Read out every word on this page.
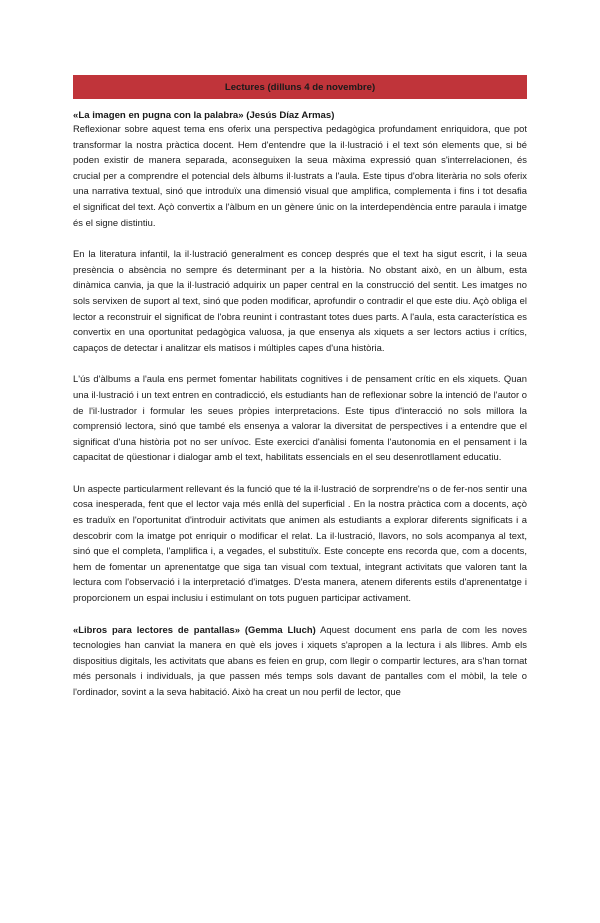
Lectures (dilluns 4 de novembre)
«La imagen en pugna con la palabra» (Jesús Díaz Armas)

Reflexionar sobre aquest tema ens oferix una perspectiva pedagògica profundament enriquidora, que pot transformar la nostra pràctica docent. Hem d'entendre que la il·lustració i el text són elements que, si bé poden existir de manera separada, aconseguixen la seua màxima expressió quan s'interrelacionen, és crucial per a comprendre el potencial dels àlbums il·lustrats a l'aula. Este tipus d'obra literària no sols oferix una narrativa textual, sinó que introduïx una dimensió visual que amplifica, complementa i fins i tot desafia el significat del text. Açò convertix a l'àlbum en un gènere únic on la interdependència entre paraula i imatge és el signe distintiu.

En la literatura infantil, la il·lustració generalment es concep després que el text ha sigut escrit, i la seua presència o absència no sempre és determinant per a la història. No obstant això, en un àlbum, esta dinàmica canvia, ja que la il·lustració adquirix un paper central en la construcció del sentit. Les imatges no sols servixen de suport al text, sinó que poden modificar, aprofundir o contradir el que este diu. Açò obliga el lector a reconstruir el significat de l'obra reunint i contrastant totes dues parts. A l'aula, esta característica es convertix en una oportunitat pedagògica valuosa, ja que ensenya als xiquets a ser lectors actius i crítics, capaços de detectar i analitzar els matisos i múltiples capes d'una història.

L'ús d'àlbums a l'aula ens permet fomentar habilitats cognitives i de pensament crític en els xiquets. Quan una il·lustració i un text entren en contradicció, els estudiants han de reflexionar sobre la intenció de l'autor o de l'il·lustrador i formular les seues pròpies interpretacions. Este tipus d'interacció no sols millora la comprensió lectora, sinó que també els ensenya a valorar la diversitat de perspectives i a entendre que el significat d'una història pot no ser unívoc. Este exercici d'anàlisi fomenta l'autonomia en el pensament i la capacitat de qüestionar i dialogar amb el text, habilitats essencials en el seu desenrotllament educatiu.

Un aspecte particularment rellevant és la funció que té la il·lustració de sorprendre'ns o de fer-nos sentir una cosa inesperada, fent que el lector vaja més enllà del superficial . En la nostra pràctica com a docents, açò es traduïx en l'oportunitat d'introduir activitats que animen als estudiants a explorar diferents significats i a descobrir com la imatge pot enriquir o modificar el relat. La il·lustració, llavors, no sols acompanya al text, sinó que el completa, l'amplifica i, a vegades, el substituïx. Este concepte ens recorda que, com a docents, hem de fomentar un aprenentatge que siga tan visual com textual, integrant activitats que valoren tant la lectura com l'observació i la interpretació d'imatges. D'esta manera, atenem diferents estils d'aprenentatge i proporcionem un espai inclusiu i estimulant on tots puguen participar activament.

«Libros para lectores de pantallas» (Gemma Lluch) Aquest document ens parla de com les noves tecnologies han canviat la manera en què els joves i xiquets s'apropen a la lectura i als llibres. Amb els dispositius digitals, les activitats que abans es feien en grup, com llegir o compartir lectures, ara s'han tornat més personals i individuals, ja que passen més temps sols davant de pantalles com el mòbil, la tele o l'ordinador, sovint a la seva habitació. Això ha creat un nou perfil de lector, que
